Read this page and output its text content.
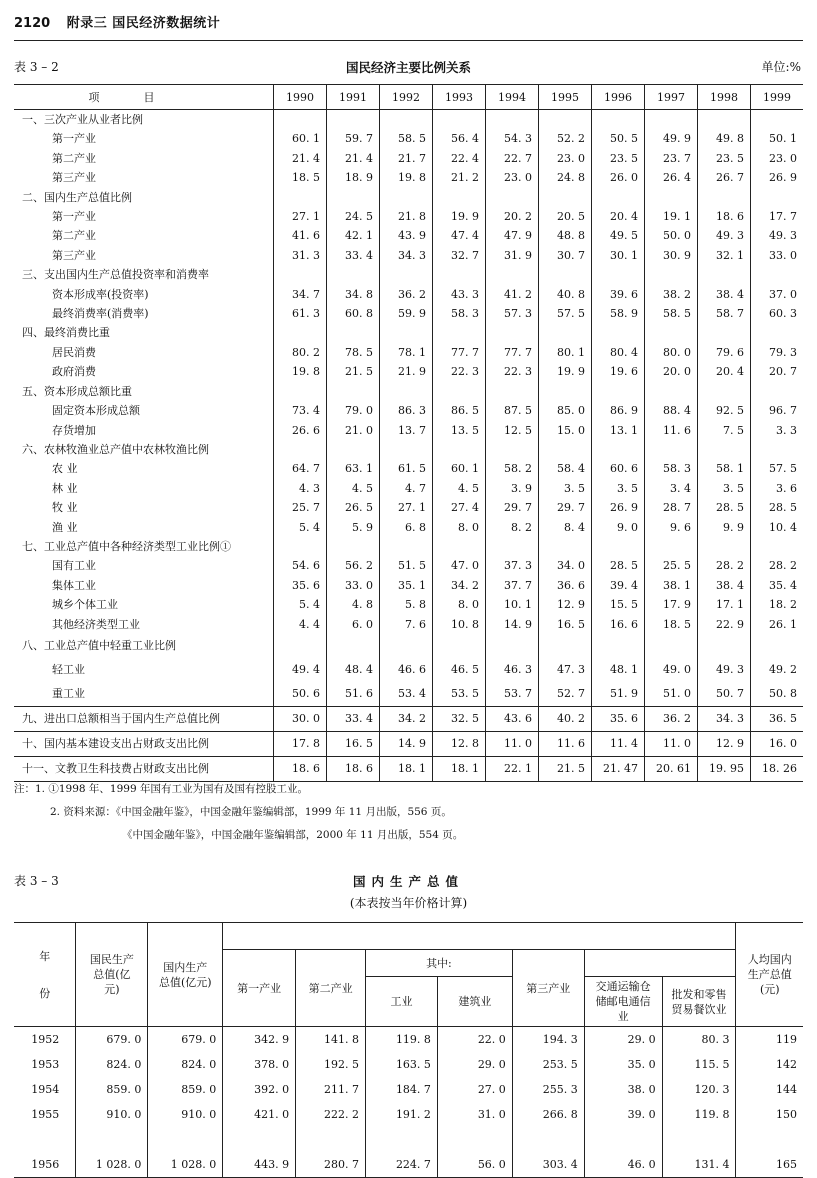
2120 附录三 国民经济数据统计
表 3 – 2	国民经济主要比例关系	单位:%
项目	1990	1991	1992	1993	1994	1995	1996	1997	1998	1999
一、三次产业从业者比例										
第一产业	60. 1	59. 7	58. 5	56. 4	54. 3	52. 2	50. 5	49. 9	49. 8	50. 1
第二产业	21. 4	21. 4	21. 7	22. 4	22. 7	23. 0	23. 5	23. 7	23. 5	23. 0
第三产业	18. 5	18. 9	19. 8	21. 2	23. 0	24. 8	26. 0	26. 4	26. 7	26. 9
二、国内生产总值比例										
第一产业	27. 1	24. 5	21. 8	19. 9	20. 2	20. 5	20. 4	19. 1	18. 6	17. 7
第二产业	41. 6	42. 1	43. 9	47. 4	47. 9	48. 8	49. 5	50. 0	49. 3	49. 3
第三产业	31. 3	33. 4	34. 3	32. 7	31. 9	30. 7	30. 1	30. 9	32. 1	33. 0
三、支出国内生产总值投资率和消费率										
资本形成率(投资率)	34. 7	34. 8	36. 2	43. 3	41. 2	40. 8	39. 6	38. 2	38. 4	37. 0
最终消费率(消费率)	61. 3	60. 8	59. 9	58. 3	57. 3	57. 5	58. 9	58. 5	58. 7	60. 3
四、最终消费比重										
居民消费	80. 2	78. 5	78. 1	77. 7	77. 7	80. 1	80. 4	80. 0	79. 6	79. 3
政府消费	19. 8	21. 5	21. 9	22. 3	22. 3	19. 9	19. 6	20. 0	20. 4	20. 7
五、资本形成总额比重										
固定资本形成总额	73. 4	79. 0	86. 3	86. 5	87. 5	85. 0	86. 9	88. 4	92. 5	96. 7
存货增加	26. 6	21. 0	13. 7	13. 5	12. 5	15. 0	13. 1	11. 6	7. 5	3. 3
六、农林牧渔业总产值中农林牧渔比例										
农 业	64. 7	63. 1	61. 5	60. 1	58. 2	58. 4	60. 6	58. 3	58. 1	57. 5
林 业	4. 3	4. 5	4. 7	4. 5	3. 9	3. 5	3. 5	3. 4	3. 5	3. 6
牧 业	25. 7	26. 5	27. 1	27. 4	29. 7	29. 7	26. 9	28. 7	28. 5	28. 5
渔 业	5. 4	5. 9	6. 8	8. 0	8. 2	8. 4	9. 0	9. 6	9. 9	10. 4
七、工业总产值中各种经济类型工业比例①										
国有工业	54. 6	56. 2	51. 5	47. 0	37. 3	34. 0	28. 5	25. 5	28. 2	28. 2
集体工业	35. 6	33. 0	35. 1	34. 2	37. 7	36. 6	39. 4	38. 1	38. 4	35. 4
城乡个体工业	5. 4	4. 8	5. 8	8. 0	10. 1	12. 9	15. 5	17. 9	17. 1	18. 2
其他经济类型工业	4. 4	6. 0	7. 6	10. 8	14. 9	16. 5	16. 6	18. 5	22. 9	26. 1
八、工业总产值中轻重工业比例										
轻工业	49. 4	48. 4	46. 6	46. 5	46. 3	47. 3	48. 1	49. 0	49. 3	49. 2
重工业	50. 6	51. 6	53. 4	53. 5	53. 7	52. 7	51. 9	51. 0	50. 7	50. 8
九、进出口总额相当于国内生产总值比例	30. 0	33. 4	34. 2	32. 5	43. 6	40. 2	35. 6	36. 2	34. 3	36. 5
十、国内基本建设支出占财政支出比例	17. 8	16. 5	14. 9	12. 8	11. 0	11. 6	11. 4	11. 0	12. 9	16. 0
十一、文教卫生科技费占财政支出比例	18. 6	18. 6	18. 1	18. 1	22. 1	21. 5	21. 47	20. 61	19. 95	18. 26
注：1. ①1998 年、1999 年国有工业为国有及国有控股工业。
2. 资料来源：《中国金融年鉴》，中国金融年鉴编辑部，1999 年 11 月出版，556 页。
《中国金融年鉴》，中国金融年鉴编辑部，2000 年 11 月出版，554 页。
表 3 – 3	国内生产总值
(本表按当年价格计算)
年
份	国民生产总值(亿元)	国内生产总值(亿元)								人均国内生产总值(元)
			第一产业	第二产业	其中:		第三产业			
					工业	建筑业		交通运输仓储邮电通信业	批发和零售贸易餐饮业	
1952	679. 0	679. 0	342. 9	141. 8	119. 8	22. 0	194. 3	29. 0	80. 3	119
1953	824. 0	824. 0	378. 0	192. 5	163. 5	29. 0	253. 5	35. 0	115. 5	142
1954	859. 0	859. 0	392. 0	211. 7	184. 7	27. 0	255. 3	38. 0	120. 3	144
1955	910. 0	910. 0	421. 0	222. 2	191. 2	31. 0	266. 8	39. 0	119. 8	150

1956	1 028. 0	1 028. 0	443. 9	280. 7	224. 7	56. 0	303. 4	46. 0	131. 4	165
